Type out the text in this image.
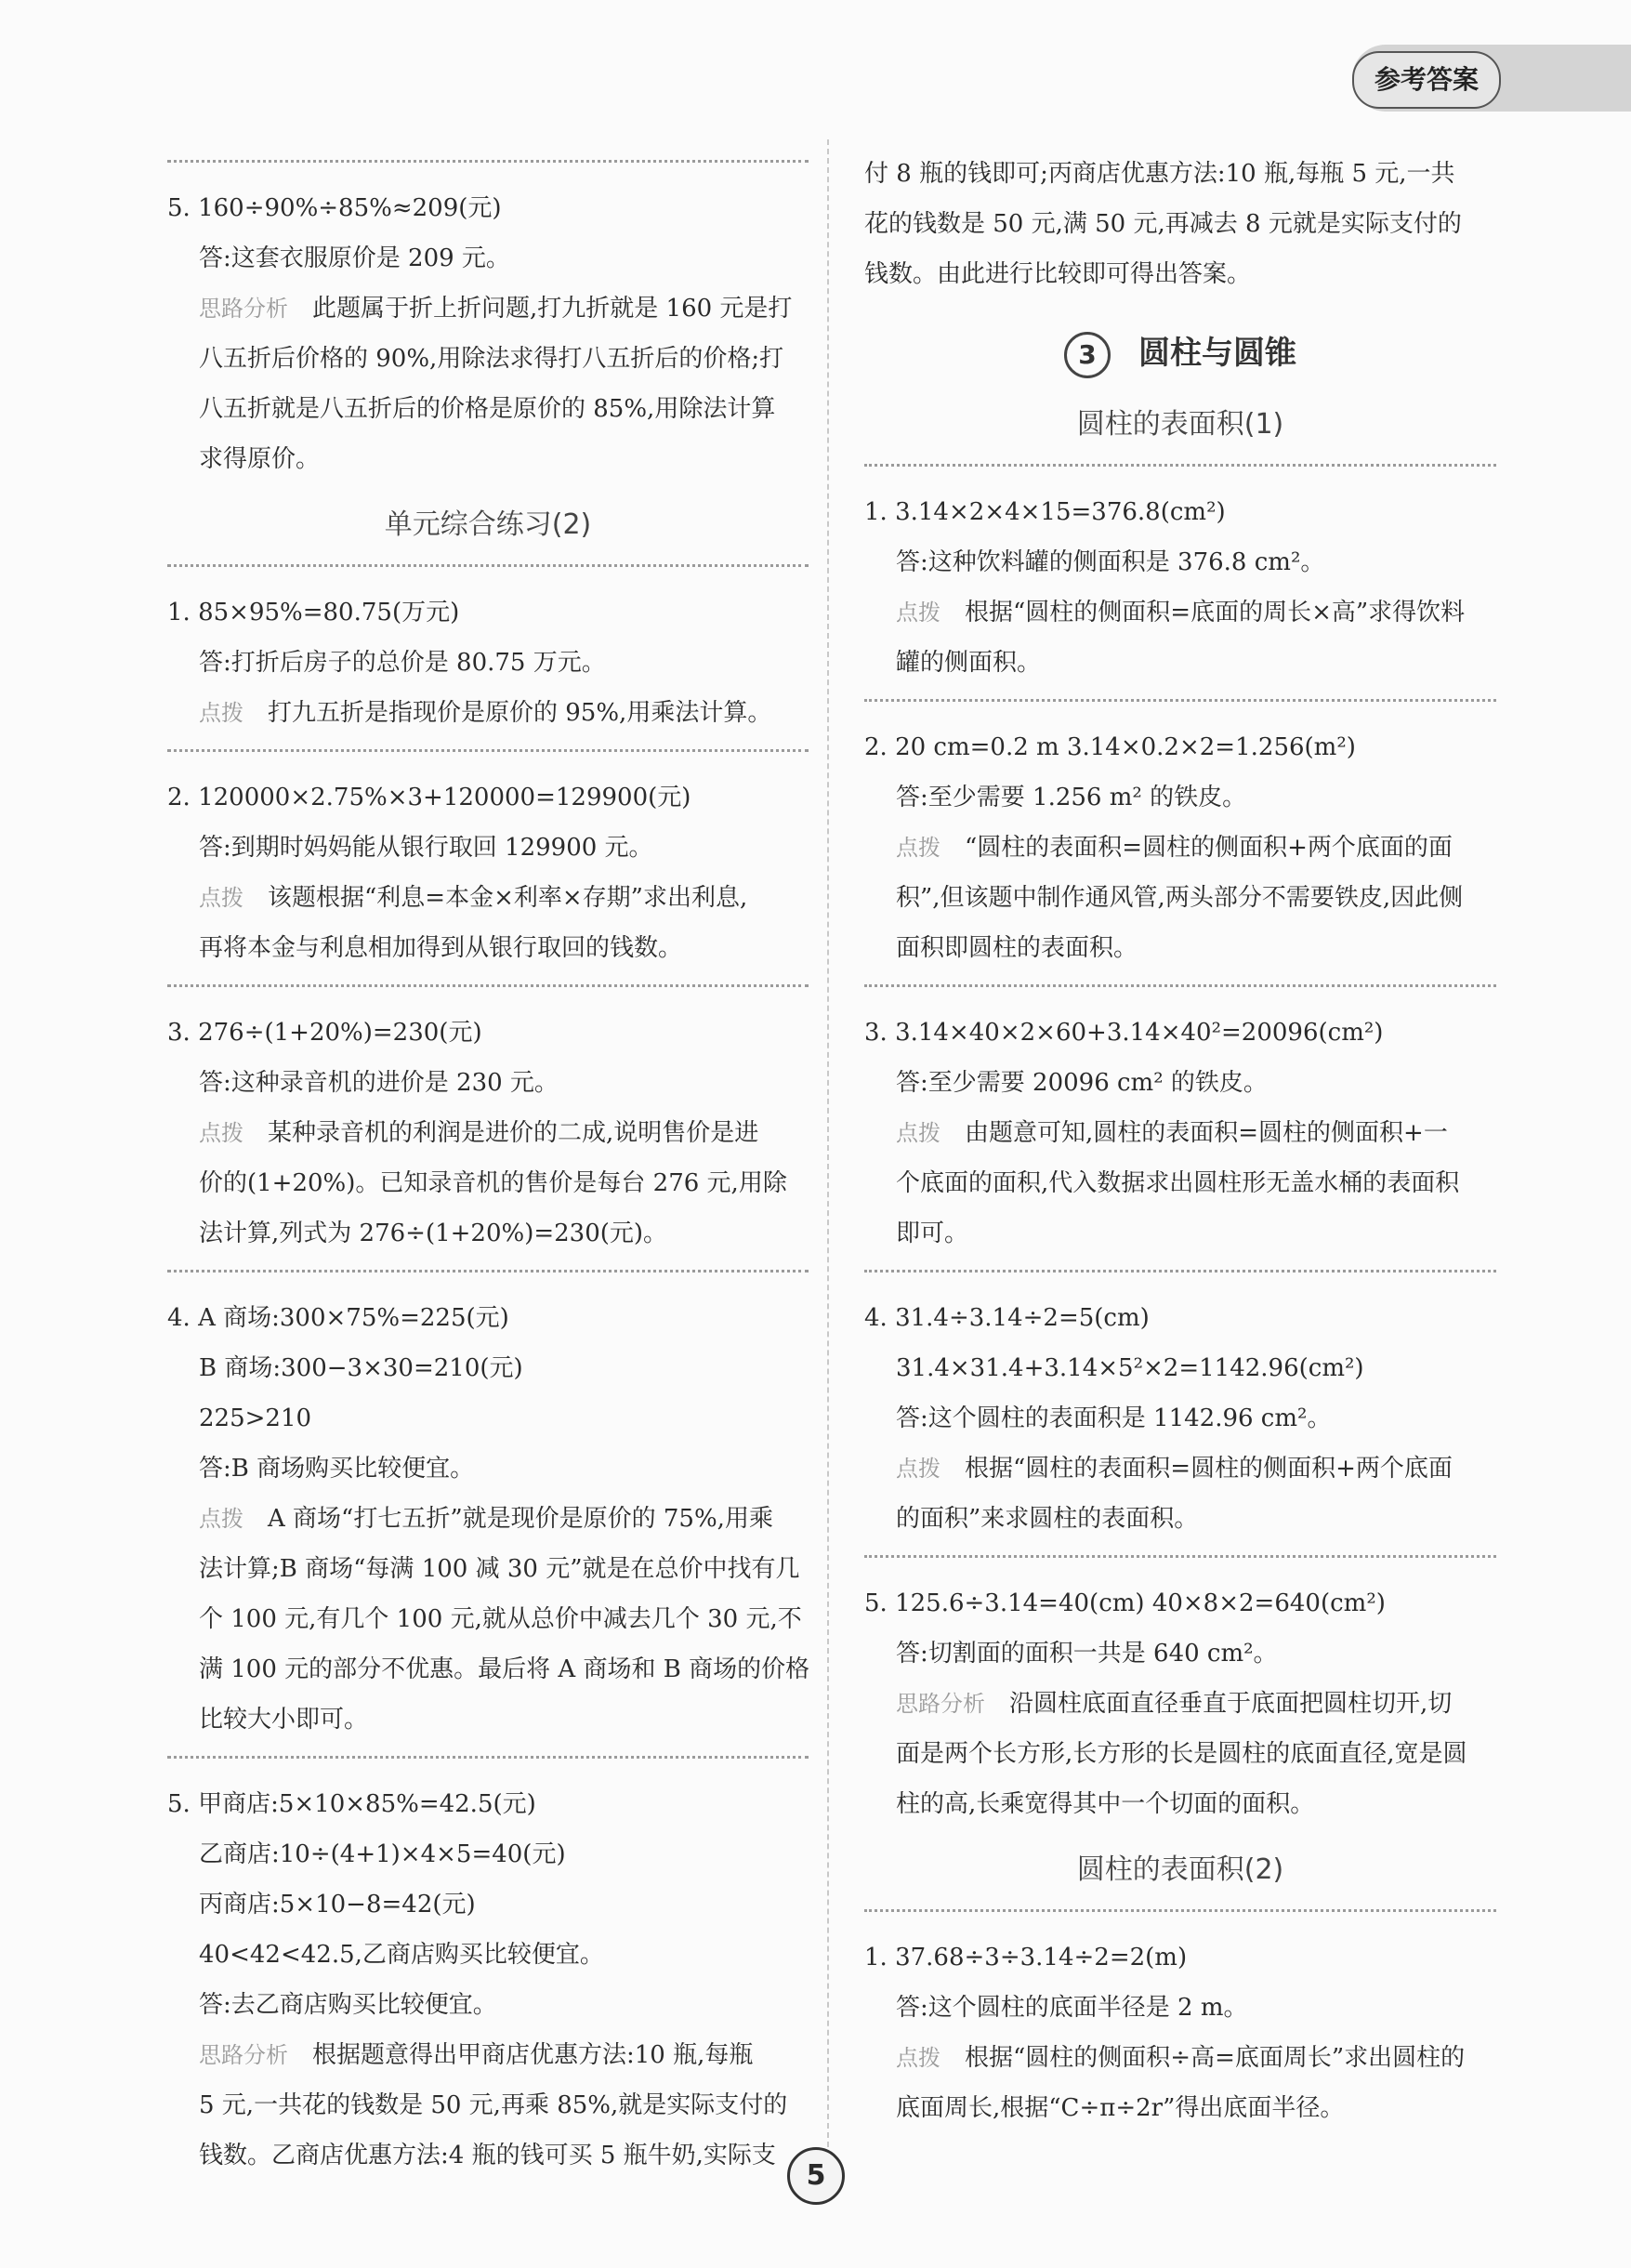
参考答案
5. 160÷90%÷85%≈209(元)
答:这套衣服原价是 209 元。
思路分析 此题属于折上折问题,打九折就是 160 元是打
八五折后价格的 90%,用除法求得打八五折后的价格;打
八五折就是八五折后的价格是原价的 85%,用除法计算
求得原价。
单元综合练习(2)
1. 85×95%=80.75(万元)
答:打折后房子的总价是 80.75 万元。
点拨 打九五折是指现价是原价的 95%,用乘法计算。
2. 120000×2.75%×3+120000=129900(元)
答:到期时妈妈能从银行取回 129900 元。
点拨 该题根据“利息=本金×利率×存期”求出利息,
再将本金与利息相加得到从银行取回的钱数。
3. 276÷(1+20%)=230(元)
答:这种录音机的进价是 230 元。
点拨 某种录音机的利润是进价的二成,说明售价是进
价的(1+20%)。已知录音机的售价是每台 276 元,用除
法计算,列式为 276÷(1+20%)=230(元)。
4. A 商场:300×75%=225(元)
B 商场:300−3×30=210(元)
225>210
答:B 商场购买比较便宜。
点拨 A 商场“打七五折”就是现价是原价的 75%,用乘
法计算;B 商场“每满 100 减 30 元”就是在总价中找有几
个 100 元,有几个 100 元,就从总价中减去几个 30 元,不
满 100 元的部分不优惠。最后将 A 商场和 B 商场的价格
比较大小即可。
5. 甲商店:5×10×85%=42.5(元)
乙商店:10÷(4+1)×4×5=40(元)
丙商店:5×10−8=42(元)
40<42<42.5,乙商店购买比较便宜。
答:去乙商店购买比较便宜。
思路分析 根据题意得出甲商店优惠方法:10 瓶,每瓶
5 元,一共花的钱数是 50 元,再乘 85%,就是实际支付的
钱数。乙商店优惠方法:4 瓶的钱可买 5 瓶牛奶,实际支
付 8 瓶的钱即可;丙商店优惠方法:10 瓶,每瓶 5 元,一共
花的钱数是 50 元,满 50 元,再减去 8 元就是实际支付的
钱数。由此进行比较即可得出答案。
3 圆柱与圆锥
圆柱的表面积(1)
1. 3.14×2×4×15=376.8(cm²)
答:这种饮料罐的侧面积是 376.8 cm²。
点拨 根据“圆柱的侧面积=底面的周长×高”求得饮料
罐的侧面积。
2. 20 cm=0.2 m 3.14×0.2×2=1.256(m²)
答:至少需要 1.256 m² 的铁皮。
点拨 “圆柱的表面积=圆柱的侧面积+两个底面的面
积”,但该题中制作通风管,两头部分不需要铁皮,因此侧
面积即圆柱的表面积。
3. 3.14×40×2×60+3.14×40²=20096(cm²)
答:至少需要 20096 cm² 的铁皮。
点拨 由题意可知,圆柱的表面积=圆柱的侧面积+一
个底面的面积,代入数据求出圆柱形无盖水桶的表面积
即可。
4. 31.4÷3.14÷2=5(cm)
31.4×31.4+3.14×5²×2=1142.96(cm²)
答:这个圆柱的表面积是 1142.96 cm²。
点拨 根据“圆柱的表面积=圆柱的侧面积+两个底面
的面积”来求圆柱的表面积。
5. 125.6÷3.14=40(cm) 40×8×2=640(cm²)
答:切割面的面积一共是 640 cm²。
思路分析 沿圆柱底面直径垂直于底面把圆柱切开,切
面是两个长方形,长方形的长是圆柱的底面直径,宽是圆
柱的高,长乘宽得其中一个切面的面积。
圆柱的表面积(2)
1. 37.68÷3÷3.14÷2=2(m)
答:这个圆柱的底面半径是 2 m。
点拨 根据“圆柱的侧面积÷高=底面周长”求出圆柱的
底面周长,根据“C÷π÷2r”得出底面半径。
5
